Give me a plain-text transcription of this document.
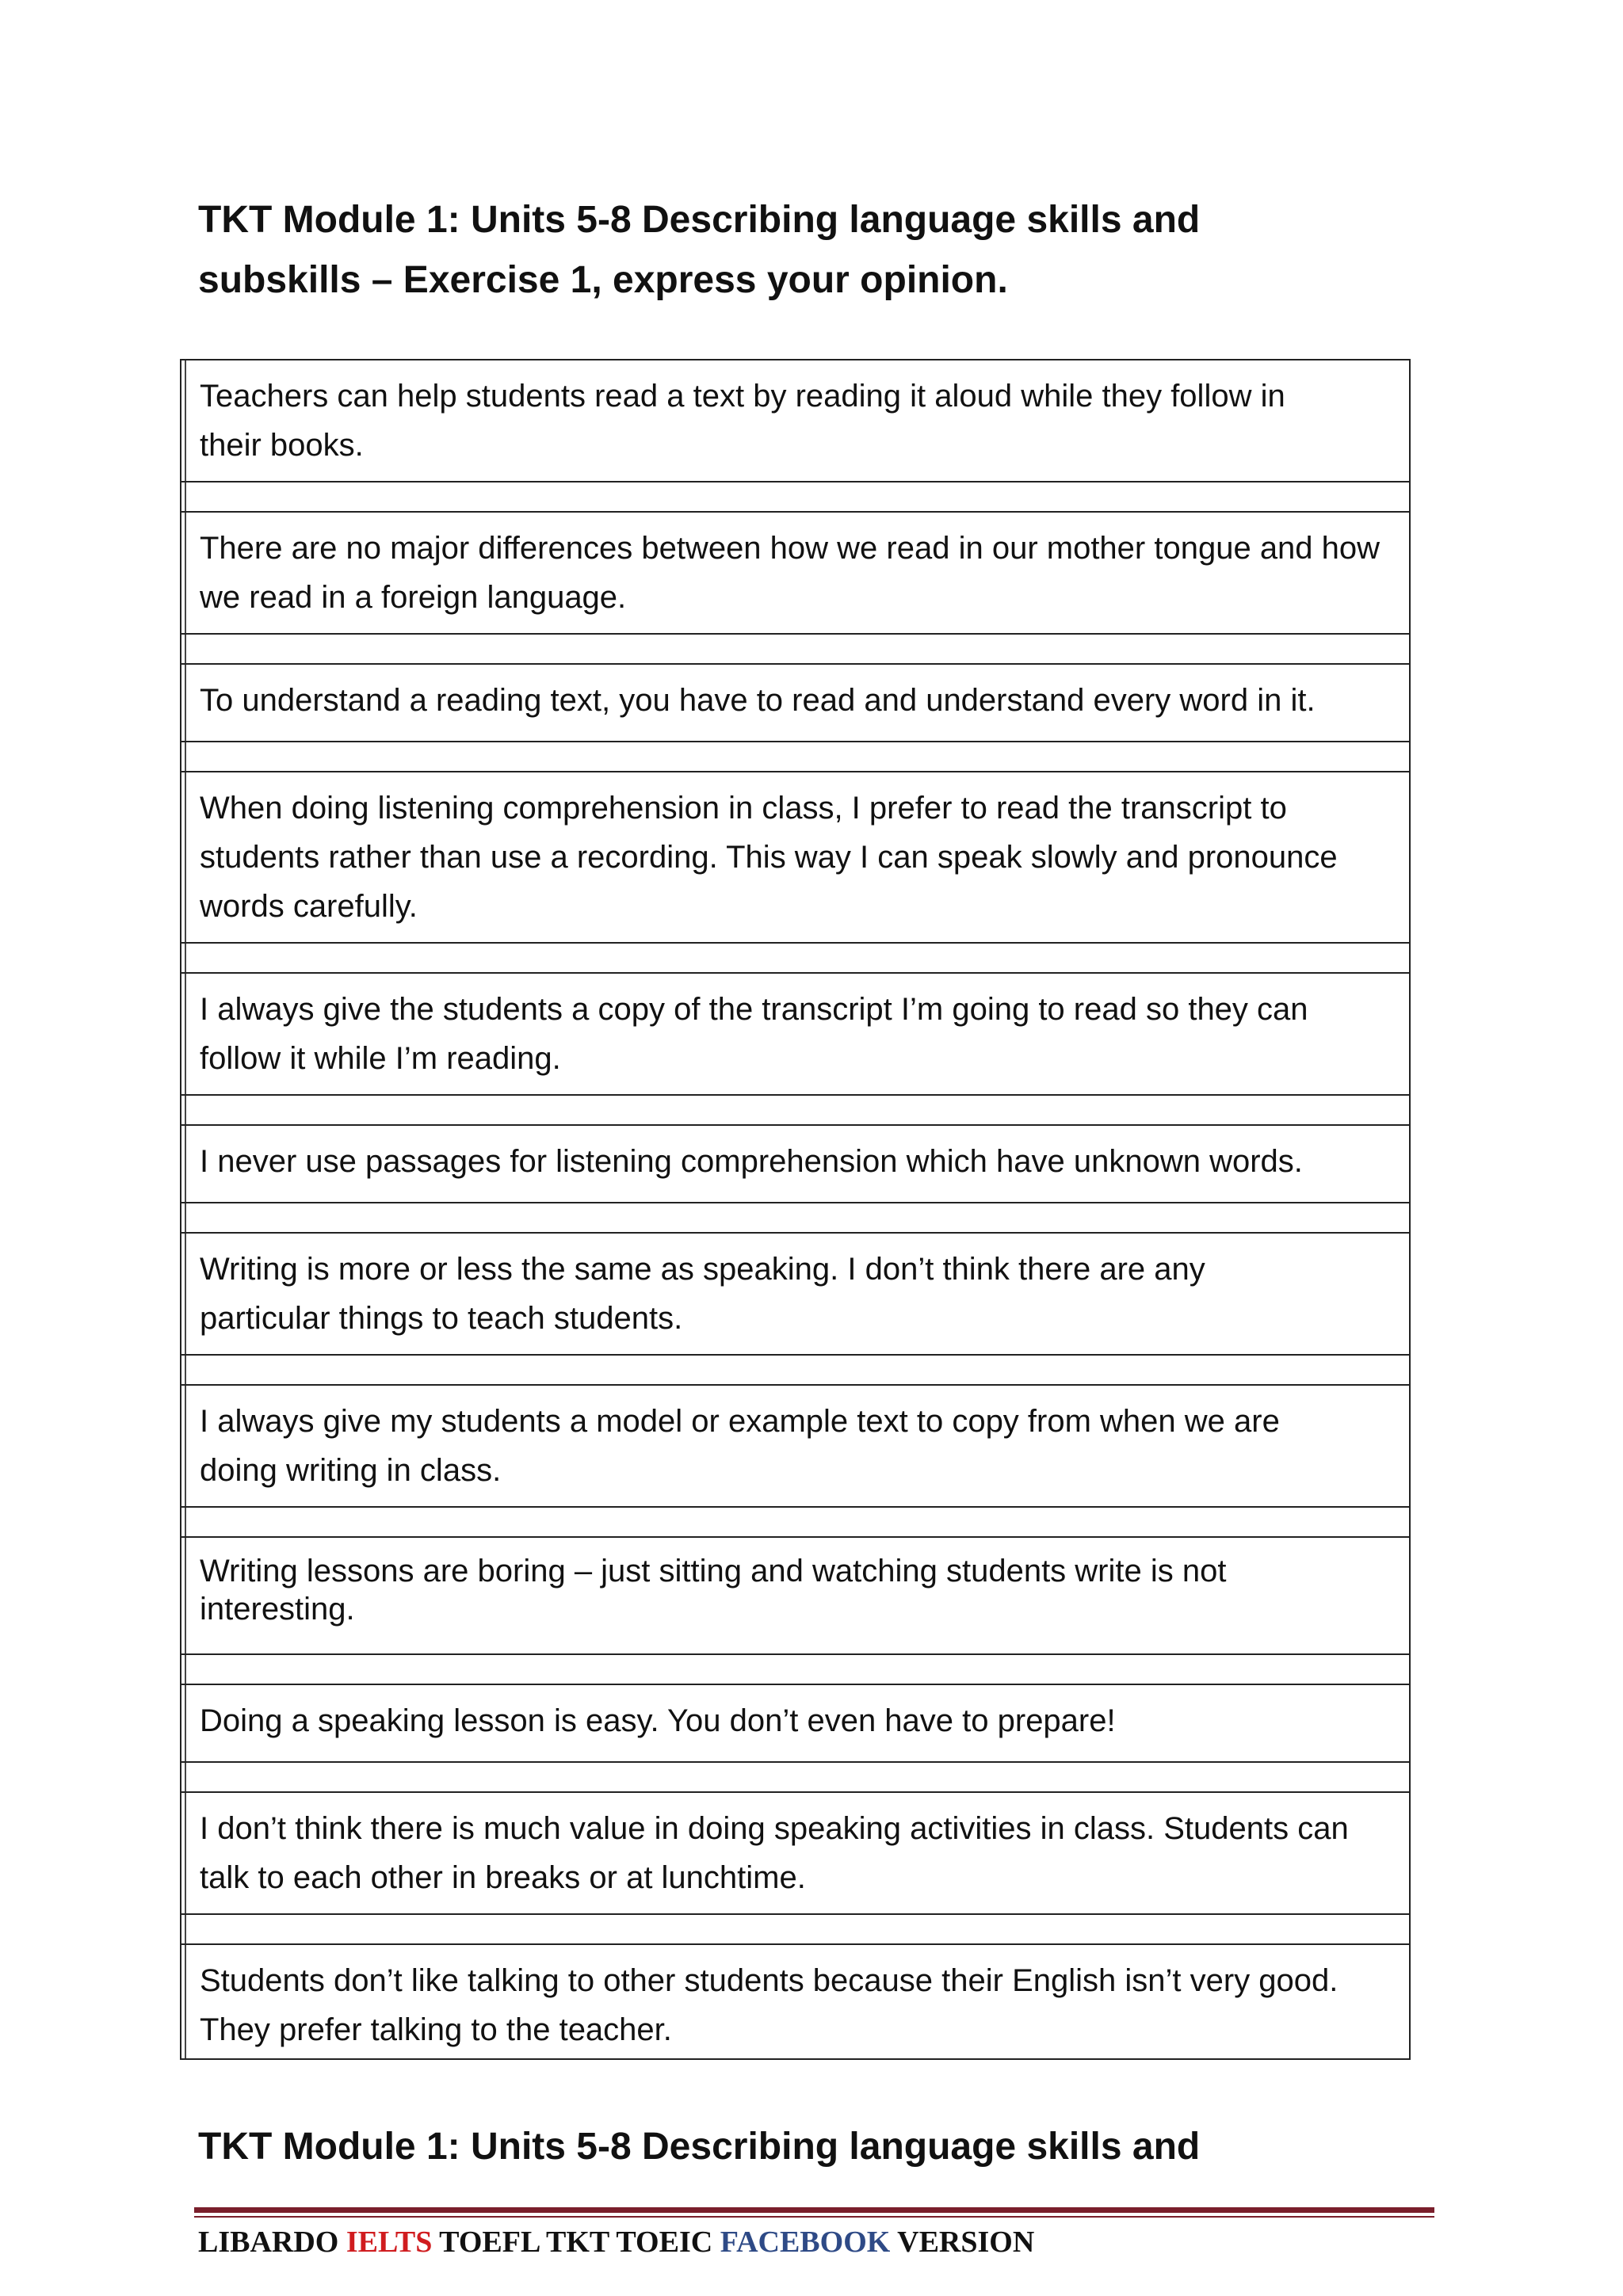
TKT Module 1: Units 5-8 Describing language skills and
subskills – Exercise 1, express your opinion.
Teachers can help students read a text by reading it aloud while they follow in their books.
There are no major differences between how we read in our mother tongue and how we read in a foreign language.
To understand a reading text, you have to read and understand every word in it.
When doing listening comprehension in class, I prefer to read the transcript to students rather than use a recording. This way I can speak slowly and pronounce words carefully.
I always give the students a copy of the transcript I’m going to read so they can follow it while I’m reading.
I never use passages for listening comprehension which have unknown words.
Writing is more or less the same as speaking. I don’t think there are any particular things to teach students.
I always give my students a model or example text to copy from when we are doing writing in class.
Writing lessons are boring – just sitting and watching students write is not interesting.
Doing a speaking lesson is easy. You don’t even have to prepare!
I don’t think there is much value in doing speaking activities in class. Students can talk to each other in breaks or at lunchtime.
Students don’t like talking to other students because their English isn’t very good. They prefer talking to the teacher.
TKT Module 1: Units 5-8 Describing language skills and
LIBARDO IELTS TOEFL TKT TOEIC FACEBOOK VERSION
